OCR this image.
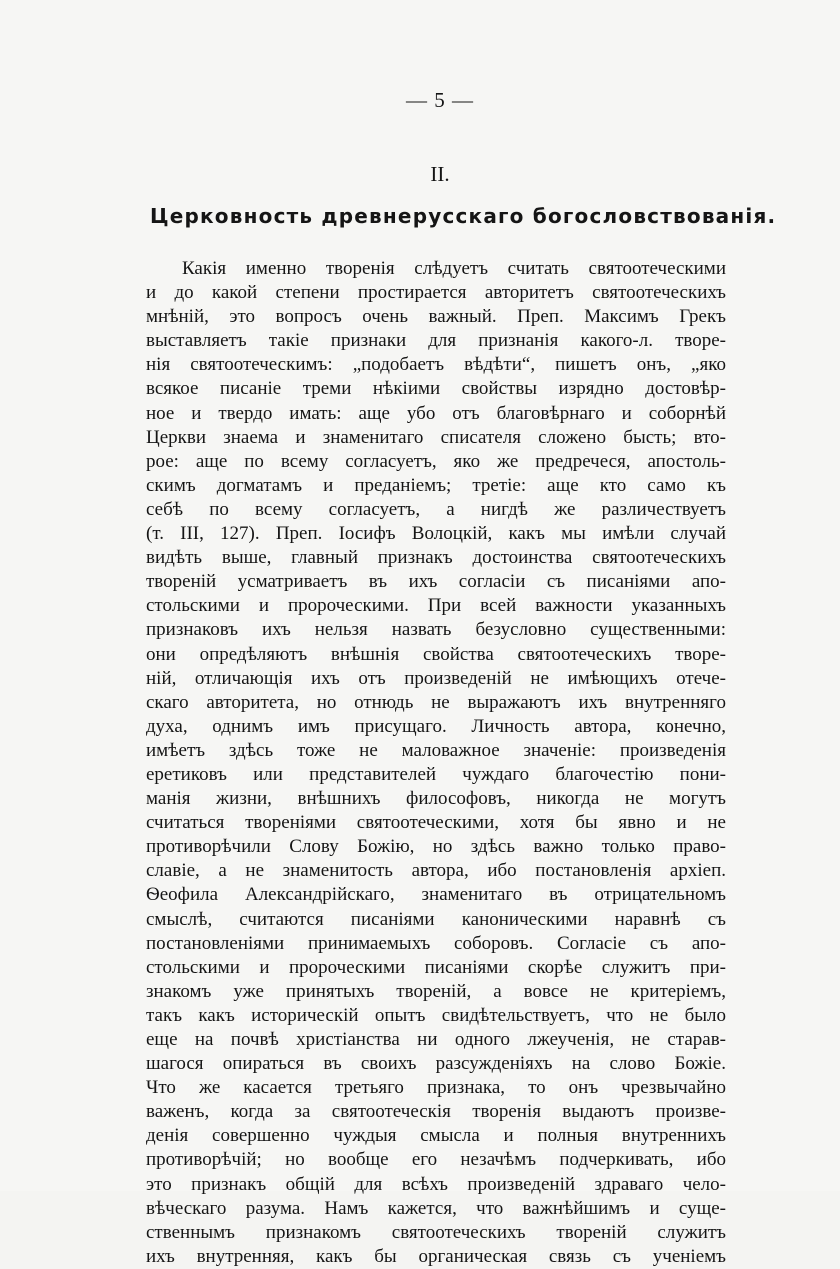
— 5 —
II.
Церковность древнерусскаго богословствованія.
Какія именно творенія слѣдуетъ считать святоотеческими
и до какой степени простирается авторитетъ святоотеческихъ
мнѣній, это вопросъ очень важный. Преп. Максимъ Грекъ
выставляетъ такіе признаки для признанія какого-л. творе-
нія святоотеческимъ: „подобаетъ вѣдѣти“, пишетъ онъ, „яко
всякое писаніе треми нѣкіими свойствы изрядно достовѣр-
ное и твердо имать: аще убо отъ благовѣрнаго и соборнѣй
Церкви знаема и знаменитаго списателя сложено бысть; вто-
рое: аще по всему согласуетъ, яко же предречеся, апостоль-
скимъ догматамъ и преданіемъ; третіе: аще кто само къ
себѣ по всему согласуетъ, а нигдѣ же различествуетъ
(т. III, 127). Преп. Іосифъ Волоцкій, какъ мы имѣли случай
видѣть выше, главный признакъ достоинства святоотеческихъ
твореній усматриваетъ въ ихъ согласіи съ писаніями апо-
стольскими и пророческими. При всей важности указанныхъ
признаковъ ихъ нельзя назвать безусловно существенными:
они опредѣляютъ внѣшнія свойства святоотеческихъ творе-
ній, отличающія ихъ отъ произведеній не имѣющихъ отече-
скаго авторитета, но отнюдь не выражаютъ ихъ внутренняго
духа, однимъ имъ присущаго. Личность автора, конечно,
имѣетъ здѣсь тоже не маловажное значеніе: произведенія
еретиковъ или представителей чуждаго благочестію пони-
манія жизни, внѣшнихъ философовъ, никогда не могутъ
считаться твореніями святоотеческими, хотя бы явно и не
противорѣчили Слову Божію, но здѣсь важно только право-
славіе, а не знаменитость автора, ибо постановленія архіеп.
Ѳеофила Александрійскаго, знаменитаго въ отрицательномъ
смыслѣ, считаются писаніями каноническими наравнѣ съ
постановленіями принимаемыхъ соборовъ. Согласіе съ апо-
стольскими и пророческими писаніями скорѣе служитъ при-
знакомъ уже принятыхъ твореній, а вовсе не критеріемъ,
такъ какъ историческій опытъ свидѣтельствуетъ, что не было
еще на почвѣ христіанства ни одного лжеученія, не старав-
шагося опираться въ своихъ разсужденіяхъ на слово Божіе.
Что же касается третьяго признака, то онъ чрезвычайно
важенъ, когда за святоотеческія творенія выдаютъ произве-
денія совершенно чуждыя смысла и полныя внутреннихъ
противорѣчій; но вообще его незачѣмъ подчеркивать, ибо
это признакъ общій для всѣхъ произведеній здраваго чело-
вѣческаго разума. Намъ кажется, что важнѣйшимъ и суще-
ственнымъ признакомъ святоотеческихъ твореній служитъ
ихъ внутренняя, какъ бы органическая связь съ ученіемъ
